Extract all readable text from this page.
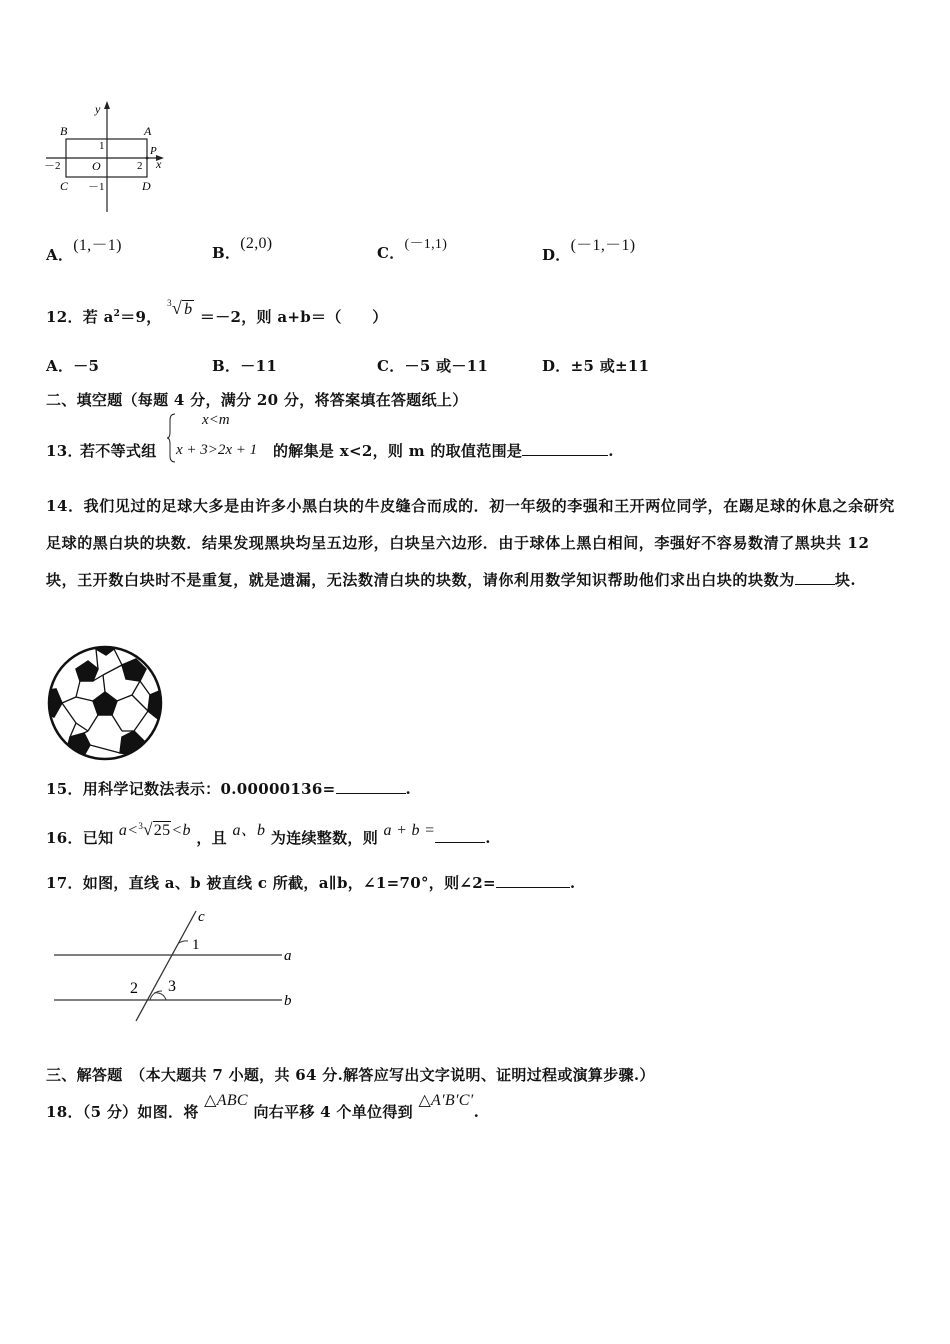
y
x
B	A
C	D
P
O
1
－1
2
－2
A．(1,－1)	B．(2,0)
C．(－1,1)
D．(－1,－1)
12．若 $a^2=9$， $^3$√ b ＝－2，则 a+b＝（　　）
A．－5	B．－11	C．－5 或－11	D．±5 或±11
二、填空题（每题 4 分，满分 20 分，将答案填在答题纸上）
13．
若不等式组
x<m
x + 3>2x + 1 的解集是 x<2，则 m 的取值范围是	.
14．我们见过的足球大多是由许多小黑白块的牛皮缝合而成的．初一年级的李强和王开两位同学，在踢足球的休息之余研究足球的黑白块的块数．结果发现黑块均呈五边形，白块呈六边形．由于球体上黑白相间，李强好不容易数清了黑块共 12 块，王开数白块时不是重复，就是遗漏，无法数清白块的块数，请你利用数学知识帮助他们求出白块的块数为	块.
15．用科学记数法表示：0.00000136=	.
16．已知 a<$^3$√25<b ，且 a、b 为连续整数，则 a + b =	.
17．如图，直线 a、b 被直线 c 所截，a∥b，∠1=70°，则∠2=	.
c
1
a
2 3
b
三、解答题　（本大题共 7 小题，共 64 分.解答应写出文字说明、证明过程或演算步骤.）
18．（5 分）如图．将 △ABC 向右平移 4 个单位得到 △A′B′C′.
